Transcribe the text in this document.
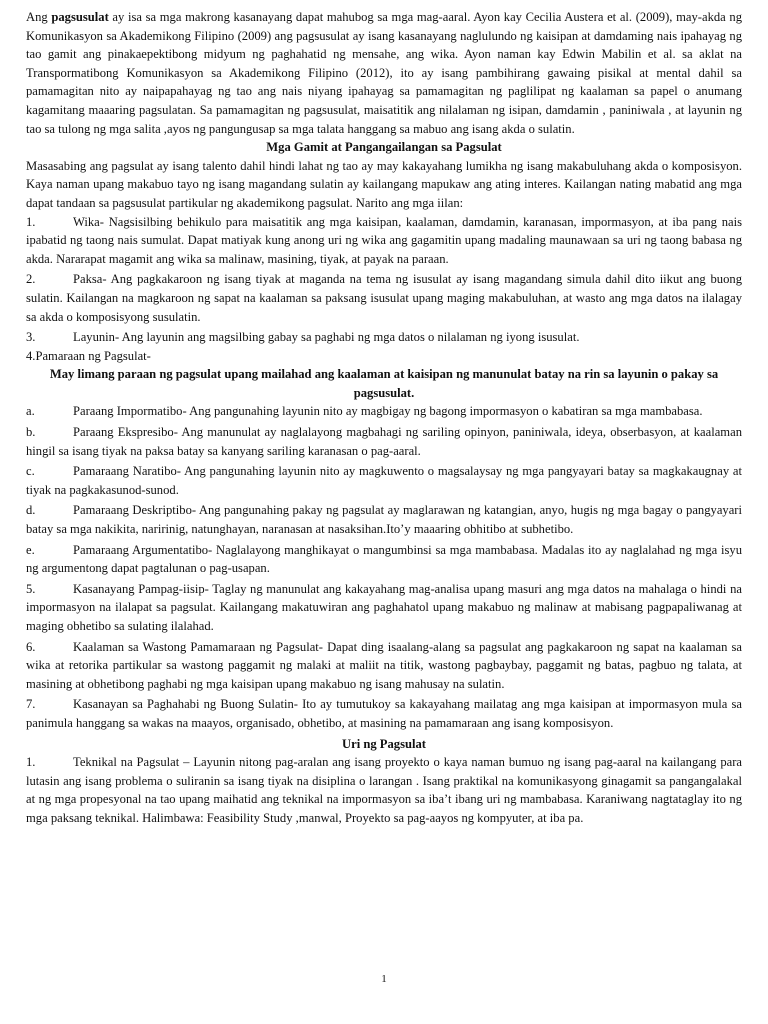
Ang pagsusulat ay isa sa mga makrong kasanayang dapat mahubog sa mga mag-aaral. Ayon kay Cecilia Austera et al. (2009), may-akda ng Komunikasyon sa Akademikong Filipino (2009) ang pagsusulat ay isang kasanayang naglulundo ng kaisipan at damdaming nais ipahayag ng tao gamit ang pinakaepektibong midyum ng paghahatid ng mensahe, ang wika. Ayon naman kay Edwin Mabilin et al. sa aklat na Transpormatibong Komunikasyon sa Akademikong Filipino (2012), ito ay isang pambihirang gawaing pisikal at mental dahil sa pamamagitan nito ay naipapahayag ng tao ang nais niyang ipahayag sa pamamagitan ng paglilipat ng kaalaman sa papel o anumang kagamitang maaaring pagsulatan. Sa pamamagitan ng pagsusulat, maisatitik ang nilalaman ng isipan, damdamin , paniniwala , at layunin ng tao sa tulong ng mga salita ,ayos ng pangungusap sa mga talata hanggang sa mabuo ang isang akda o sulatin.

Mga Gamit at Pangangailangan sa Pagsulat

Masasabing ang pagsulat ay isang talento dahil hindi lahat ng tao ay may kakayahang lumikha ng isang makabuluhang akda o komposisyon. Kaya naman upang makabuo tayo ng isang magandang sulatin ay kailangang mapukaw ang ating interes. Kailangan nating mabatid ang mga dapat tandaan sa pagsusulat partikular ng akademikong pagsulat. Narito ang mga iilan:

1.	Wika- Nagsisilbing behikulo para maisatitik ang mga kaisipan, kaalaman, damdamin, karanasan, impormasyon, at iba pang nais ipabatid ng taong nais sumulat. Dapat matiyak kung anong uri ng wika ang gagamitin upang madaling maunawaan sa uri ng taong babasa ng akda. Nararapat magamit ang wika sa malinaw, masining, tiyak, at payak na paraan.

2.	Paksa- Ang pagkakaroon ng isang tiyak at maganda na tema ng isusulat ay isang magandang simula dahil dito iikut ang buong sulatin. Kailangan na magkaroon ng sapat na kaalaman sa paksang isusulat upang maging makabuluhan, at wasto ang mga datos na ilalagay sa akda o komposisyong susulatin.

3.	Layunin- Ang layunin ang magsilbing gabay sa paghabi ng mga datos o nilalaman ng iyong isusulat.

4.Pamaraan ng Pagsulat-

May limang paraan ng pagsulat upang mailahad ang kaalaman at kaisipan ng manunulat batay na rin sa layunin o pakay sa pagsusulat.

a.	Paraang Impormatibo- Ang pangunahing layunin nito ay magbigay ng bagong impormasyon o kabatiran sa mga mambabasa.

b.	Paraang Ekspresibo- Ang manunulat ay naglalayong magbahagi ng sariling opinyon, paniniwala, ideya, obserbasyon, at kaalaman hingil sa isang tiyak na paksa batay sa kanyang sariling karanasan o pag-aaral.

c.	Pamaraang Naratibo- Ang pangunahing layunin nito ay magkuwento o magsalaysay ng mga pangyayari batay sa magkakaugnay at tiyak na pagkakasunod-sunod.

d.	Pamaraang Deskriptibo- Ang pangunahing pakay ng pagsulat ay maglarawan ng katangian, anyo, hugis ng mga bagay o pangyayari batay sa mga nakikita, naririnig, natunghayan, naranasan at nasaksihan.Ito’y maaaring obhitibo at subhetibo.

e.	Pamaraang Argumentatibo- Naglalayong manghikayat o mangumbinsi sa mga mambabasa. Madalas ito ay naglalahad ng mga isyu ng argumentong dapat pagtalunan o pag-usapan.

5.	Kasanayang Pampag-iisip- Taglay ng manunulat ang kakayahang mag-analisa upang masuri ang mga datos na mahalaga o hindi na impormasyon na ilalapat sa pagsulat. Kailangang makatuwiran ang paghahatol upang makabuo ng malinaw at mabisang pagpapaliwanag at maging obhetibo sa sulating ilalahad.

6.	Kaalaman sa Wastong Pamamaraan ng Pagsulat- Dapat ding isaalang-alang sa pagsulat ang pagkakaroon ng sapat na kaalaman sa wika at retorika partikular sa wastong paggamit ng malaki at maliit na titik, wastong pagbaybay, paggamit ng batas, pagbuo ng talata, at masining at obhetibong paghabi ng mga kaisipan upang makabuo ng isang mahusay na sulatin.

7.	Kasanayan sa Paghahabi ng Buong Sulatin- Ito ay tumutukoy sa kakayahang mailatag ang mga kaisipan at impormasyon mula sa panimula hanggang sa wakas na maayos, organisado, obhetibo, at masining na pamamaraan ang isang komposisyon.

Uri ng Pagsulat

1.	Teknikal na Pagsulat – Layunin nitong pag-aralan ang isang proyekto o kaya naman bumuo ng isang pag-aaral na kailangang para lutasin ang isang problema o suliranin sa isang tiyak na disiplina o larangan . Isang praktikal na komunikasyong ginagamit sa pangangalakal at ng mga propesyonal na tao upang maihatid ang teknikal na impormasyon sa iba’t ibang uri ng mambabasa. Karaniwang nagtataglay ito ng mga paksang teknikal. Halimbawa: Feasibility Study ,manwal, Proyekto sa pag-aayos ng kompyuter, at iba pa.

1
